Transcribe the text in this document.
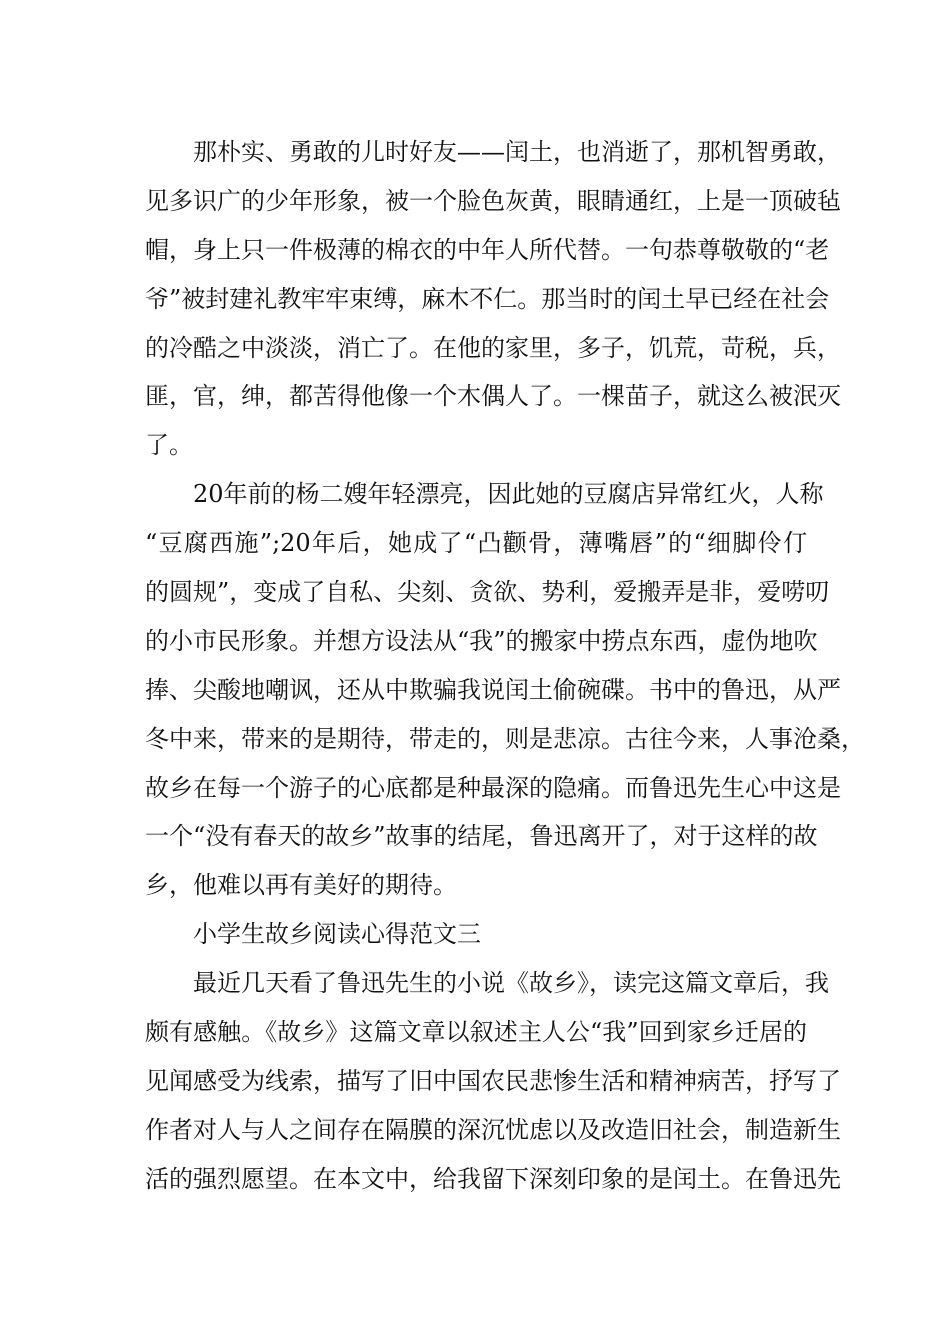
那朴实、勇敢的儿时好友——闰土，也消逝了，那机智勇敢，
见多识广的少年形象，被一个脸色灰黄，眼睛通红，上是一顶破毡
帽，身上只一件极薄的棉衣的中年人所代替。一句恭尊敬敬的“老
爷”被封建礼教牢牢束缚，麻木不仁。那当时的闰土早已经在社会
的冷酷之中淡淡，消亡了。在他的家里，多子，饥荒，苛税，兵，
匪，官，绅，都苦得他像一个木偶人了。一棵苗子，就这么被泯灭
了。
20年前的杨二嫂年轻漂亮，因此她的豆腐店异常红火，人称
“豆腐西施”;20年后，她成了“凸颧骨，薄嘴唇”的“细脚伶仃
的圆规”，变成了自私、尖刻、贪欲、势利，爱搬弄是非，爱唠叨
的小市民形象。并想方设法从“我”的搬家中捞点东西，虚伪地吹
捧、尖酸地嘲讽，还从中欺骗我说闰土偷碗碟。书中的鲁迅，从严
冬中来，带来的是期待，带走的，则是悲凉。古往今来，人事沧桑，
故乡在每一个游子的心底都是种最深的隐痛。而鲁迅先生心中这是
一个“没有春天的故乡”故事的结尾，鲁迅离开了，对于这样的故
乡，他难以再有美好的期待。
小学生故乡阅读心得范文三
最近几天看了鲁迅先生的小说《故乡》，读完这篇文章后，我
颇有感触。《故乡》这篇文章以叙述主人公“我”回到家乡迁居的
见闻感受为线索，描写了旧中国农民悲惨生活和精神病苦，抒写了
作者对人与人之间存在隔膜的深沉忧虑以及改造旧社会，制造新生
活的强烈愿望。在本文中，给我留下深刻印象的是闰土。在鲁迅先
